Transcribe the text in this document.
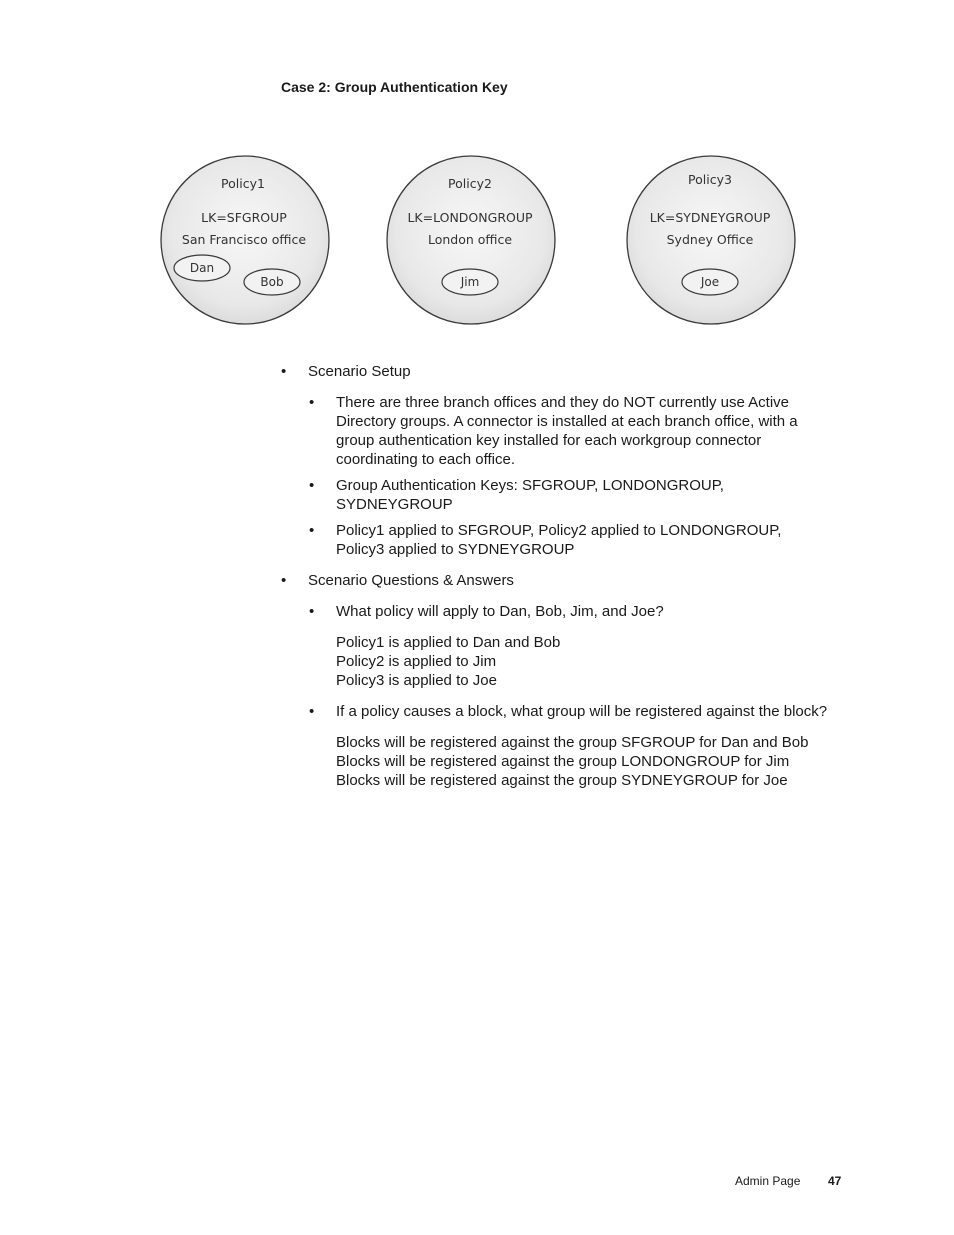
Case 2: Group Authentication Key
Policy1
LK=SFGROUP
San Francisco office
Dan
Bob
Policy2
LK=LONDONGROUP
London office
Jim
Policy3
LK=SYDNEYGROUP
Sydney Office
Joe
• Scenario Setup
• There are three branch offices and they do NOT currently use Active
Directory groups. A connector is installed at each branch office, with a
group authentication key installed for each workgroup connector
coordinating to each office.
• Group Authentication Keys: SFGROUP, LONDONGROUP,
SYDNEYGROUP
• Policy1 applied to SFGROUP, Policy2 applied to LONDONGROUP,
Policy3 applied to SYDNEYGROUP
• Scenario Questions & Answers
• What policy will apply to Dan, Bob, Jim, and Joe?
Policy1 is applied to Dan and Bob
Policy2 is applied to Jim
Policy3 is applied to Joe
• If a policy causes a block, what group will be registered against the block?
Blocks will be registered against the group SFGROUP for Dan and Bob
Blocks will be registered against the group LONDONGROUP for Jim
Blocks will be registered against the group SYDNEYGROUP for Joe
Admin Page 47
